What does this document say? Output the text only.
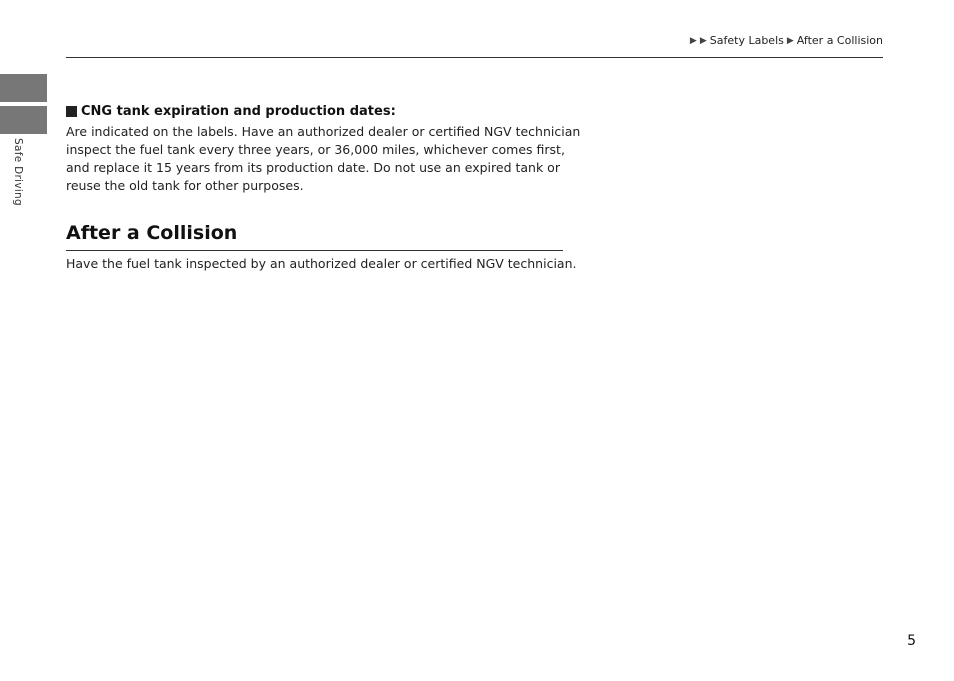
Safe Driving
▶ ▶ Safety Labels ▶ After a Collision
CNG tank expiration and production dates:
Are indicated on the labels. Have an authorized dealer or certified NGV technician
inspect the fuel tank every three years, or 36,000 miles, whichever comes first,
and replace it 15 years from its production date. Do not use an expired tank or
reuse the old tank for other purposes.
After a Collision
Have the fuel tank inspected by an authorized dealer or certified NGV technician.
5
